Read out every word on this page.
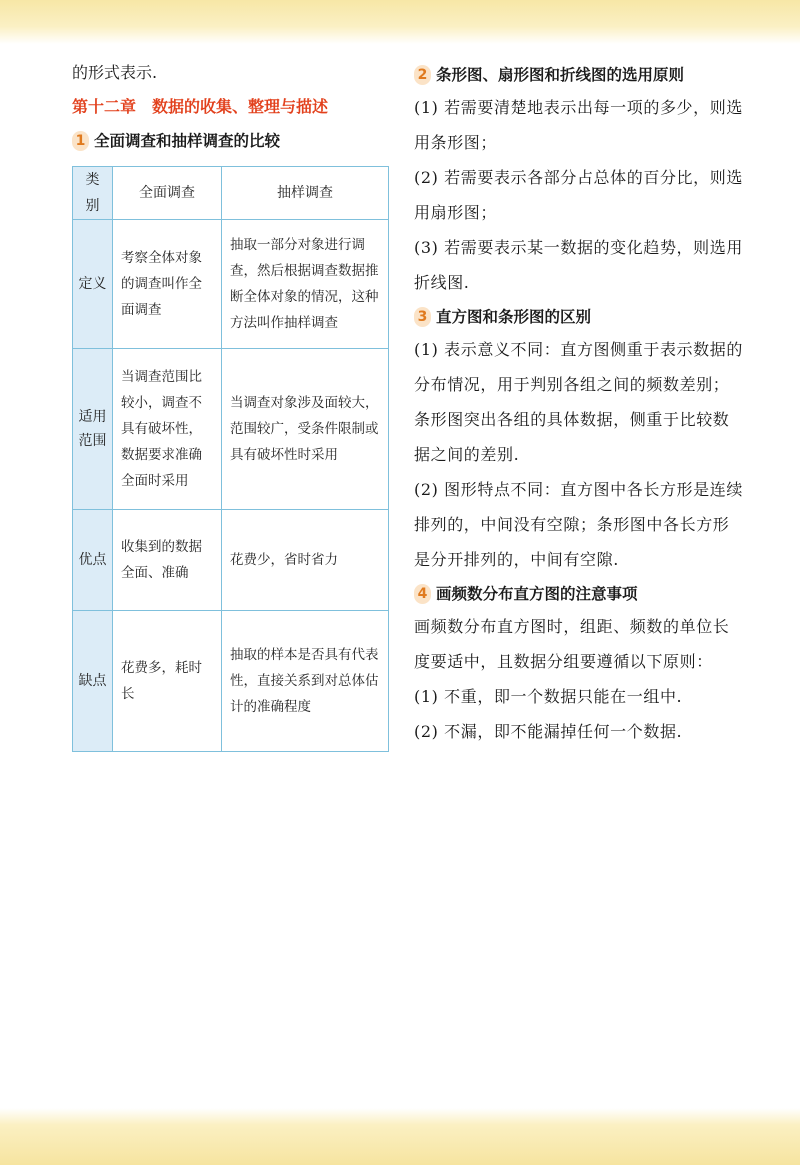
的形式表示.

第十二章　数据的收集、整理与描述

1 全面调查和抽样调查的比较
类别	全面调查	抽样调查
定义	考察全体对象的调查叫作全面调查	抽取一部分对象进行调查，然后根据调查数据推断全体对象的情况，这种方法叫作抽样调查
适用范围	当调查范围比较小，调查不具有破坏性，数据要求准确全面时采用	当调查对象涉及面较大，范围较广，受条件限制或具有破坏性时采用
优点	收集到的数据全面、准确	花费少，省时省力
缺点	花费多，耗时长	抽取的样本是否具有代表性，直接关系到对总体估计的准确程度
2 条形图、扇形图和折线图的选用原则

(1) 若需要清楚地表示出每一项的多少，则选用条形图；

(2) 若需要表示各部分占总体的百分比，则选用扇形图；

(3) 若需要表示某一数据的变化趋势，则选用折线图.

3 直方图和条形图的区别

(1) 表示意义不同：直方图侧重于表示数据的分布情况，用于判别各组之间的频数差别；条形图突出各组的具体数据，侧重于比较数据之间的差别.

(2) 图形特点不同：直方图中各长方形是连续排列的，中间没有空隙；条形图中各长方形是分开排列的，中间有空隙.

4 画频数分布直方图的注意事项

画频数分布直方图时，组距、频数的单位长度要适中，且数据分组要遵循以下原则：

(1) 不重，即一个数据只能在一组中.

(2) 不漏，即不能漏掉任何一个数据.
